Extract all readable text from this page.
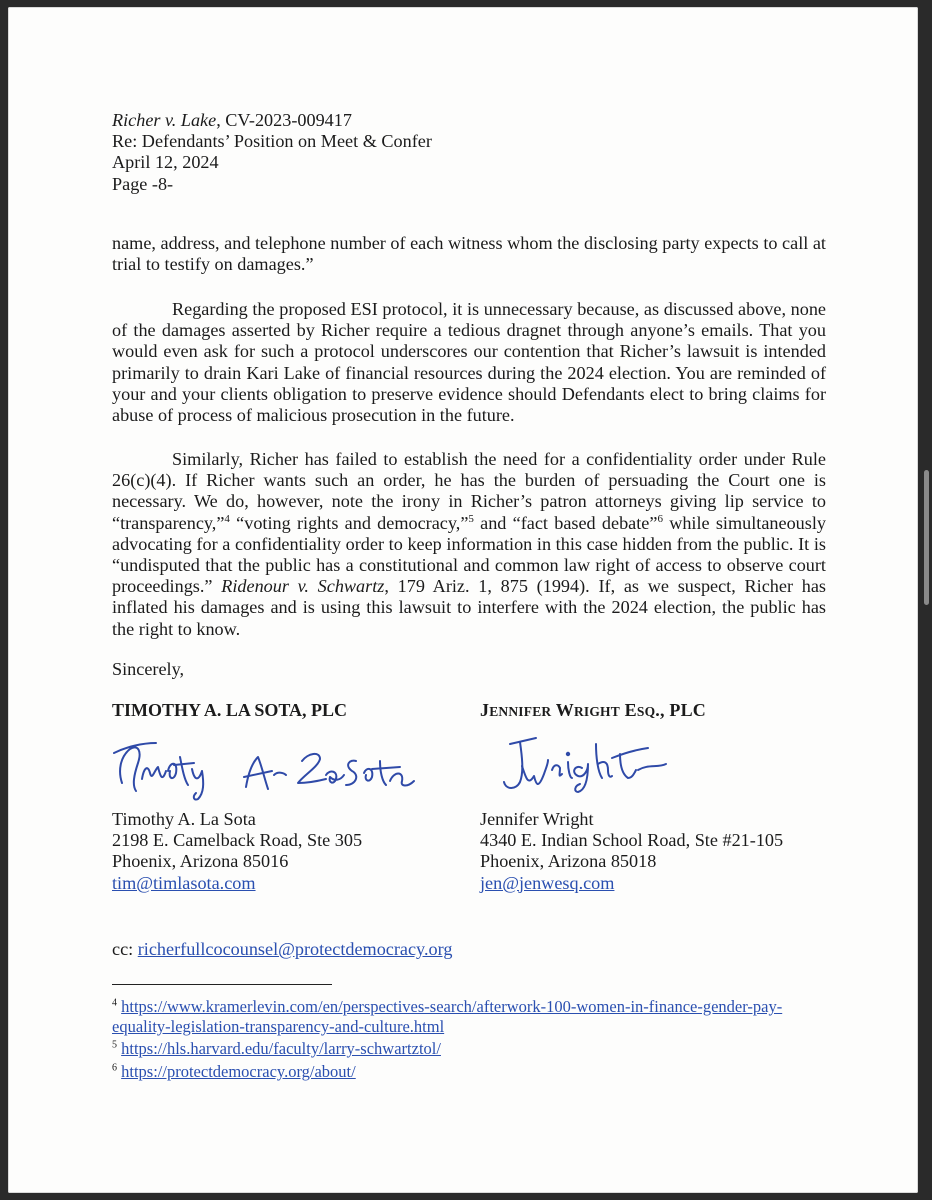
Richer v. Lake, CV-2023-009417
Re: Defendants’ Position on Meet & Confer
April 12, 2024
Page -8-
name, address, and telephone number of each witness whom the disclosing party expects to call at trial to testify on damages.”
Regarding the proposed ESI protocol, it is unnecessary because, as discussed above, none of the damages asserted by Richer require a tedious dragnet through anyone’s emails. That you would even ask for such a protocol underscores our contention that Richer’s lawsuit is intended primarily to drain Kari Lake of financial resources during the 2024 election. You are reminded of your and your clients obligation to preserve evidence should Defendants elect to bring claims for abuse of process of malicious prosecution in the future.
Similarly, Richer has failed to establish the need for a confidentiality order under Rule 26(c)(4). If Richer wants such an order, he has the burden of persuading the Court one is necessary. We do, however, note the irony in Richer’s patron attorneys giving lip service to “transparency,”$^4$ “voting rights and democracy,”$^5$ and “fact based debate”$^6$ while simultaneously advocating for a confidentiality order to keep information in this case hidden from the public. It is “undisputed that the public has a constitutional and common law right of access to observe court proceedings.” Ridenour v. Schwartz, 179 Ariz. 1, 875 (1994). If, as we suspect, Richer has inflated his damages and is using this lawsuit to interfere with the 2024 election, the public has the right to know.
Sincerely,
TIMOTHY A. LA SOTA, PLC	JENNIFER WRIGHT ESQ., PLC
Timothy A. La Sota
JWright
Timothy A. La Sota
2198 E. Camelback Road, Ste 305
Phoenix, Arizona 85016
tim@timlasota.com
Jennifer Wright
4340 E. Indian School Road, Ste #21-105
Phoenix, Arizona 85018
jen@jenwesq.com
cc: richerfullcocounsel@protectdemocracy.org
$^4$ https://www.kramerlevin.com/en/perspectives-search/afterwork-100-women-in-finance-gender-pay-equality-legislation-transparency-and-culture.html
$^5$ https://hls.harvard.edu/faculty/larry-schwartztol/
$^6$ https://protectdemocracy.org/about/
